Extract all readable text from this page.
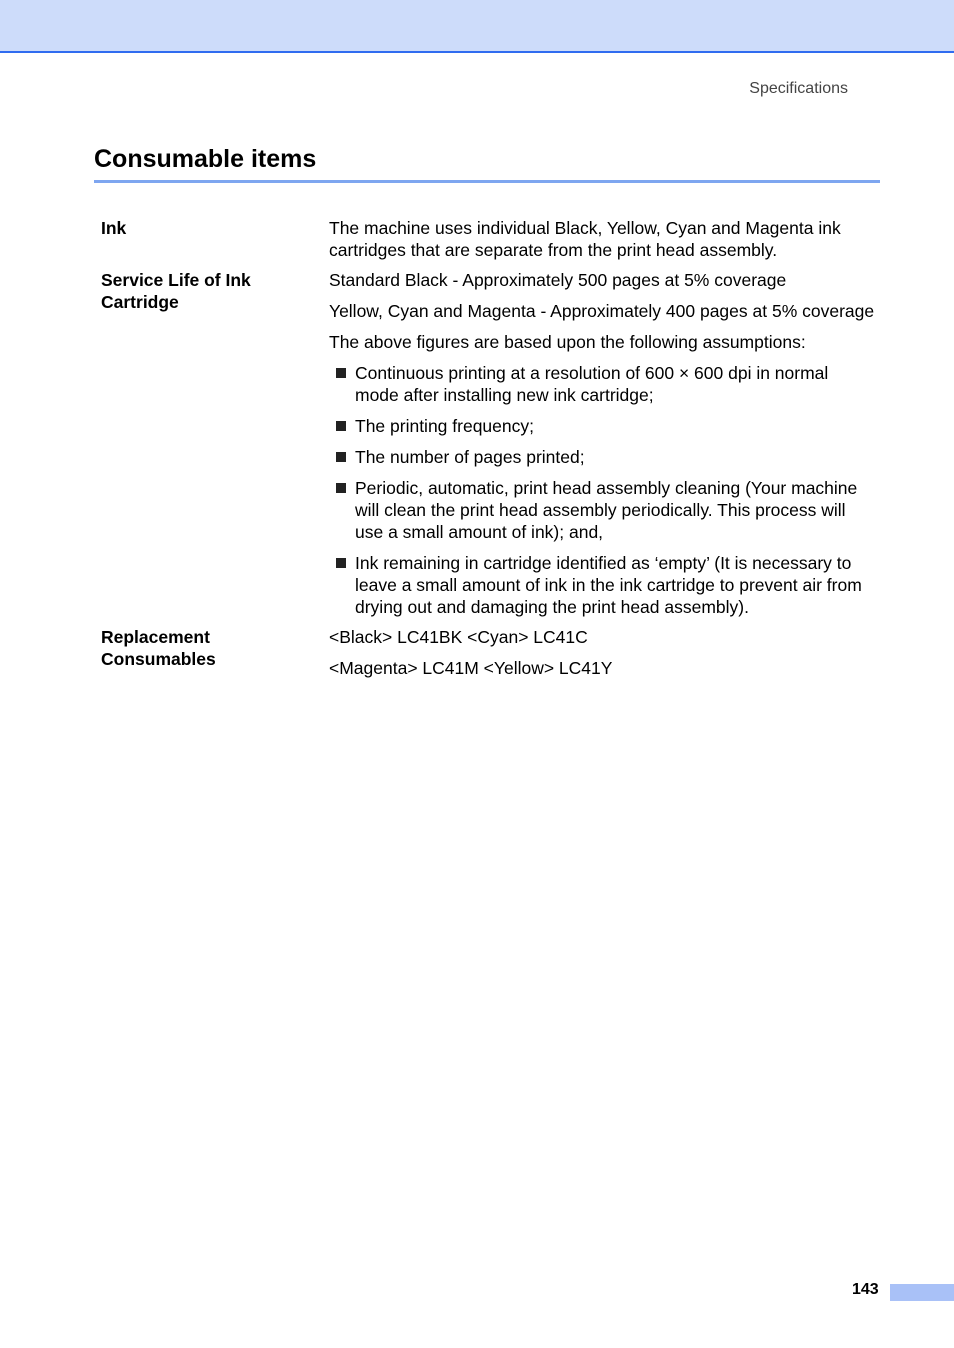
Specifications
Consumable items
Ink	The machine uses individual Black, Yellow, Cyan and Magenta ink cartridges that are separate from the print head assembly.

Service Life of Ink Cartridge

Standard Black - Approximately 500 pages at 5% coverage

Yellow, Cyan and Magenta - Approximately 400 pages at 5% coverage

The above figures are based upon the following assumptions:

Continuous printing at a resolution of 600 × 600 dpi in normal mode after installing new ink cartridge;
The printing frequency;
The number of pages printed;
Periodic, automatic, print head assembly cleaning (Your machine will clean the print head assembly periodically. This process will use a small amount of ink); and,
Ink remaining in cartridge identified as ‘empty’ (It is necessary to leave a small amount of ink in the ink cartridge to prevent air from drying out and damaging the print head assembly).
Replacement Consumables

<Black> LC41BK <Cyan> LC41C

<Magenta> LC41M <Yellow> LC41Y

143
